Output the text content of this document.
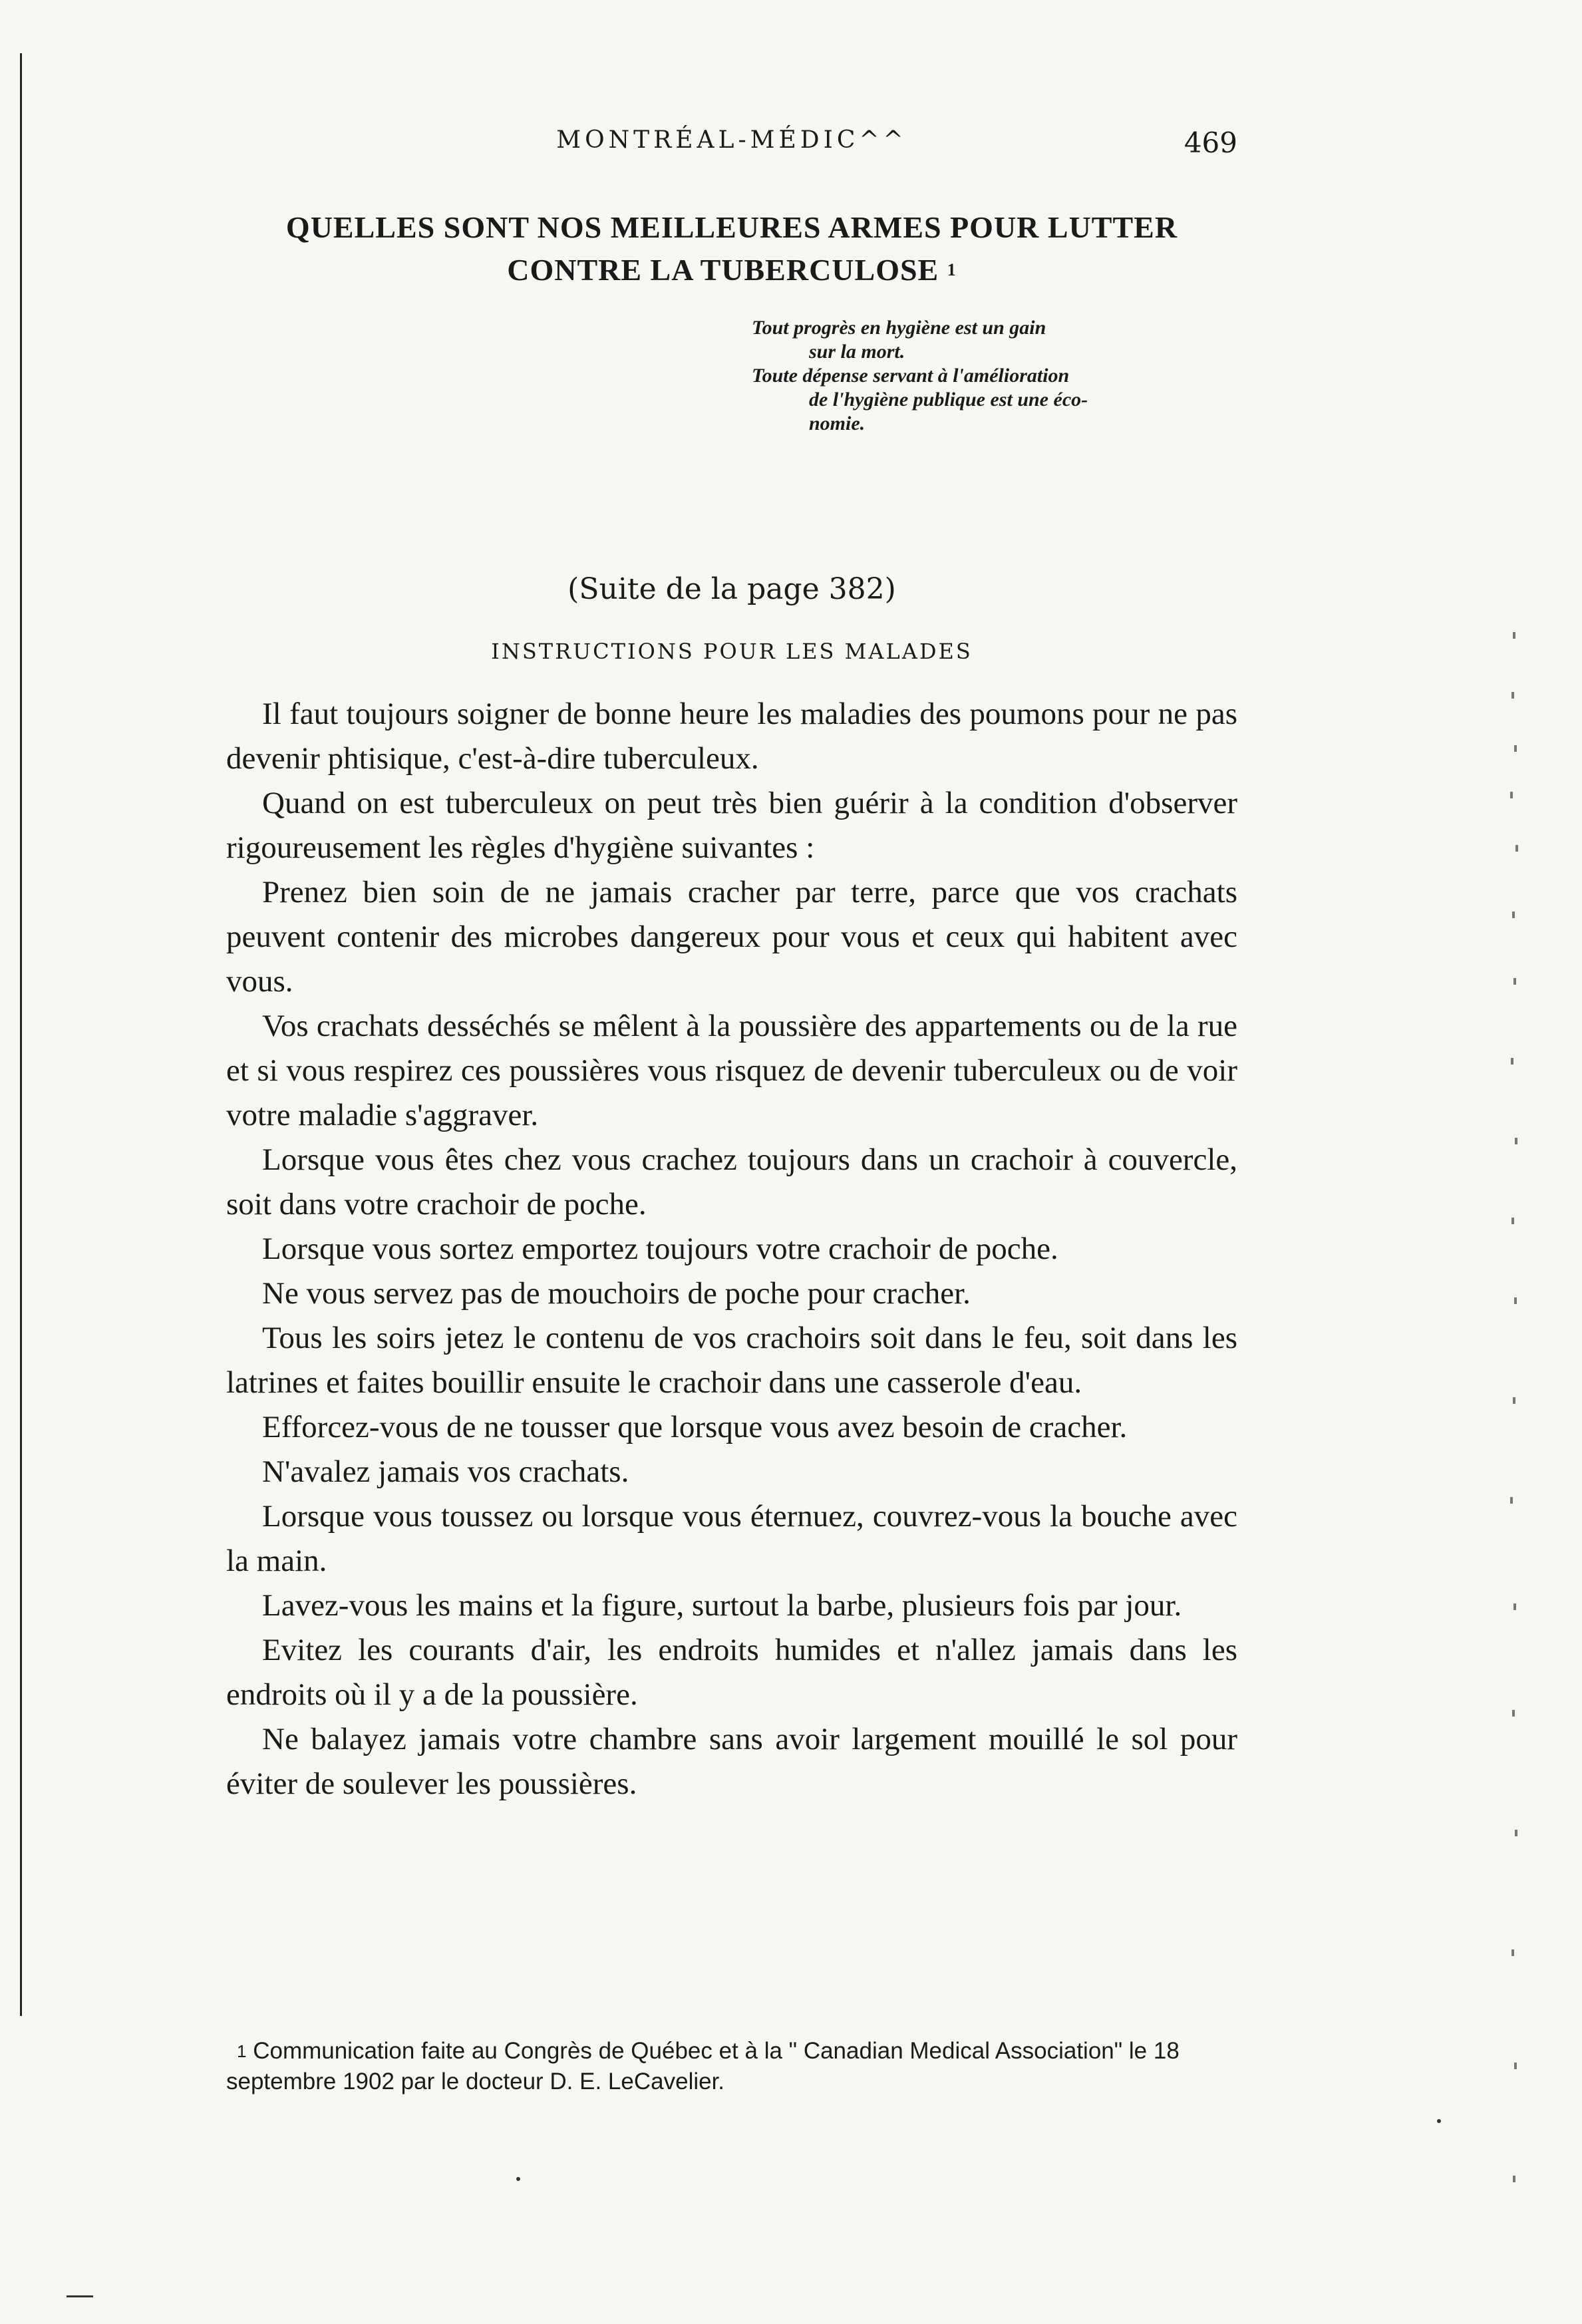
MONTRÉAL-MÉDIC^^	469
QUELLES SONT NOS MEILLEURES ARMES POUR LUTTER
CONTRE LA TUBERCULOSE $^1$
Tout progrès en hygiène est un gain
sur la mort.
Toute dépense servant à l'amélioration
de l'hygiène publique est une éco-
nomie.
(Suite de la page 382)
INSTRUCTIONS POUR LES MALADES

Il faut toujours soigner de bonne heure les maladies des poumons pour ne pas devenir phtisique, c'est-à-dire tuberculeux.

Quand on est tuberculeux on peut très bien guérir à la condition d'observer rigoureusement les règles d'hygiène suivantes :

Prenez bien soin de ne jamais cracher par terre, parce que vos crachats peuvent contenir des microbes dangereux pour vous et ceux qui habitent avec vous.

Vos crachats desséchés se mêlent à la poussière des appartements ou de la rue et si vous respirez ces poussières vous risquez de devenir tuberculeux ou de voir votre maladie s'aggraver.

Lorsque vous êtes chez vous crachez toujours dans un crachoir à couvercle, soit dans votre crachoir de poche.

Lorsque vous sortez emportez toujours votre crachoir de poche.

Ne vous servez pas de mouchoirs de poche pour cracher.

Tous les soirs jetez le contenu de vos crachoirs soit dans le feu, soit dans les latrines et faites bouillir ensuite le crachoir dans une casserole d'eau.

Efforcez-vous de ne tousser que lorsque vous avez besoin de cracher.

N'avalez jamais vos crachats.

Lorsque vous toussez ou lorsque vous éternuez, couvrez-vous la bouche avec la main.

Lavez-vous les mains et la figure, surtout la barbe, plusieurs fois par jour.

Evitez les courants d'air, les endroits humides et n'allez jamais dans les endroits où il y a de la poussière.

Ne balayez jamais votre chambre sans avoir largement mouillé le sol pour éviter de soulever les poussières.

$^1$ Communication faite au Congrès de Québec et à la " Canadian Medical Association" le 18 septembre 1902 par le docteur D. E. LeCavelier.
